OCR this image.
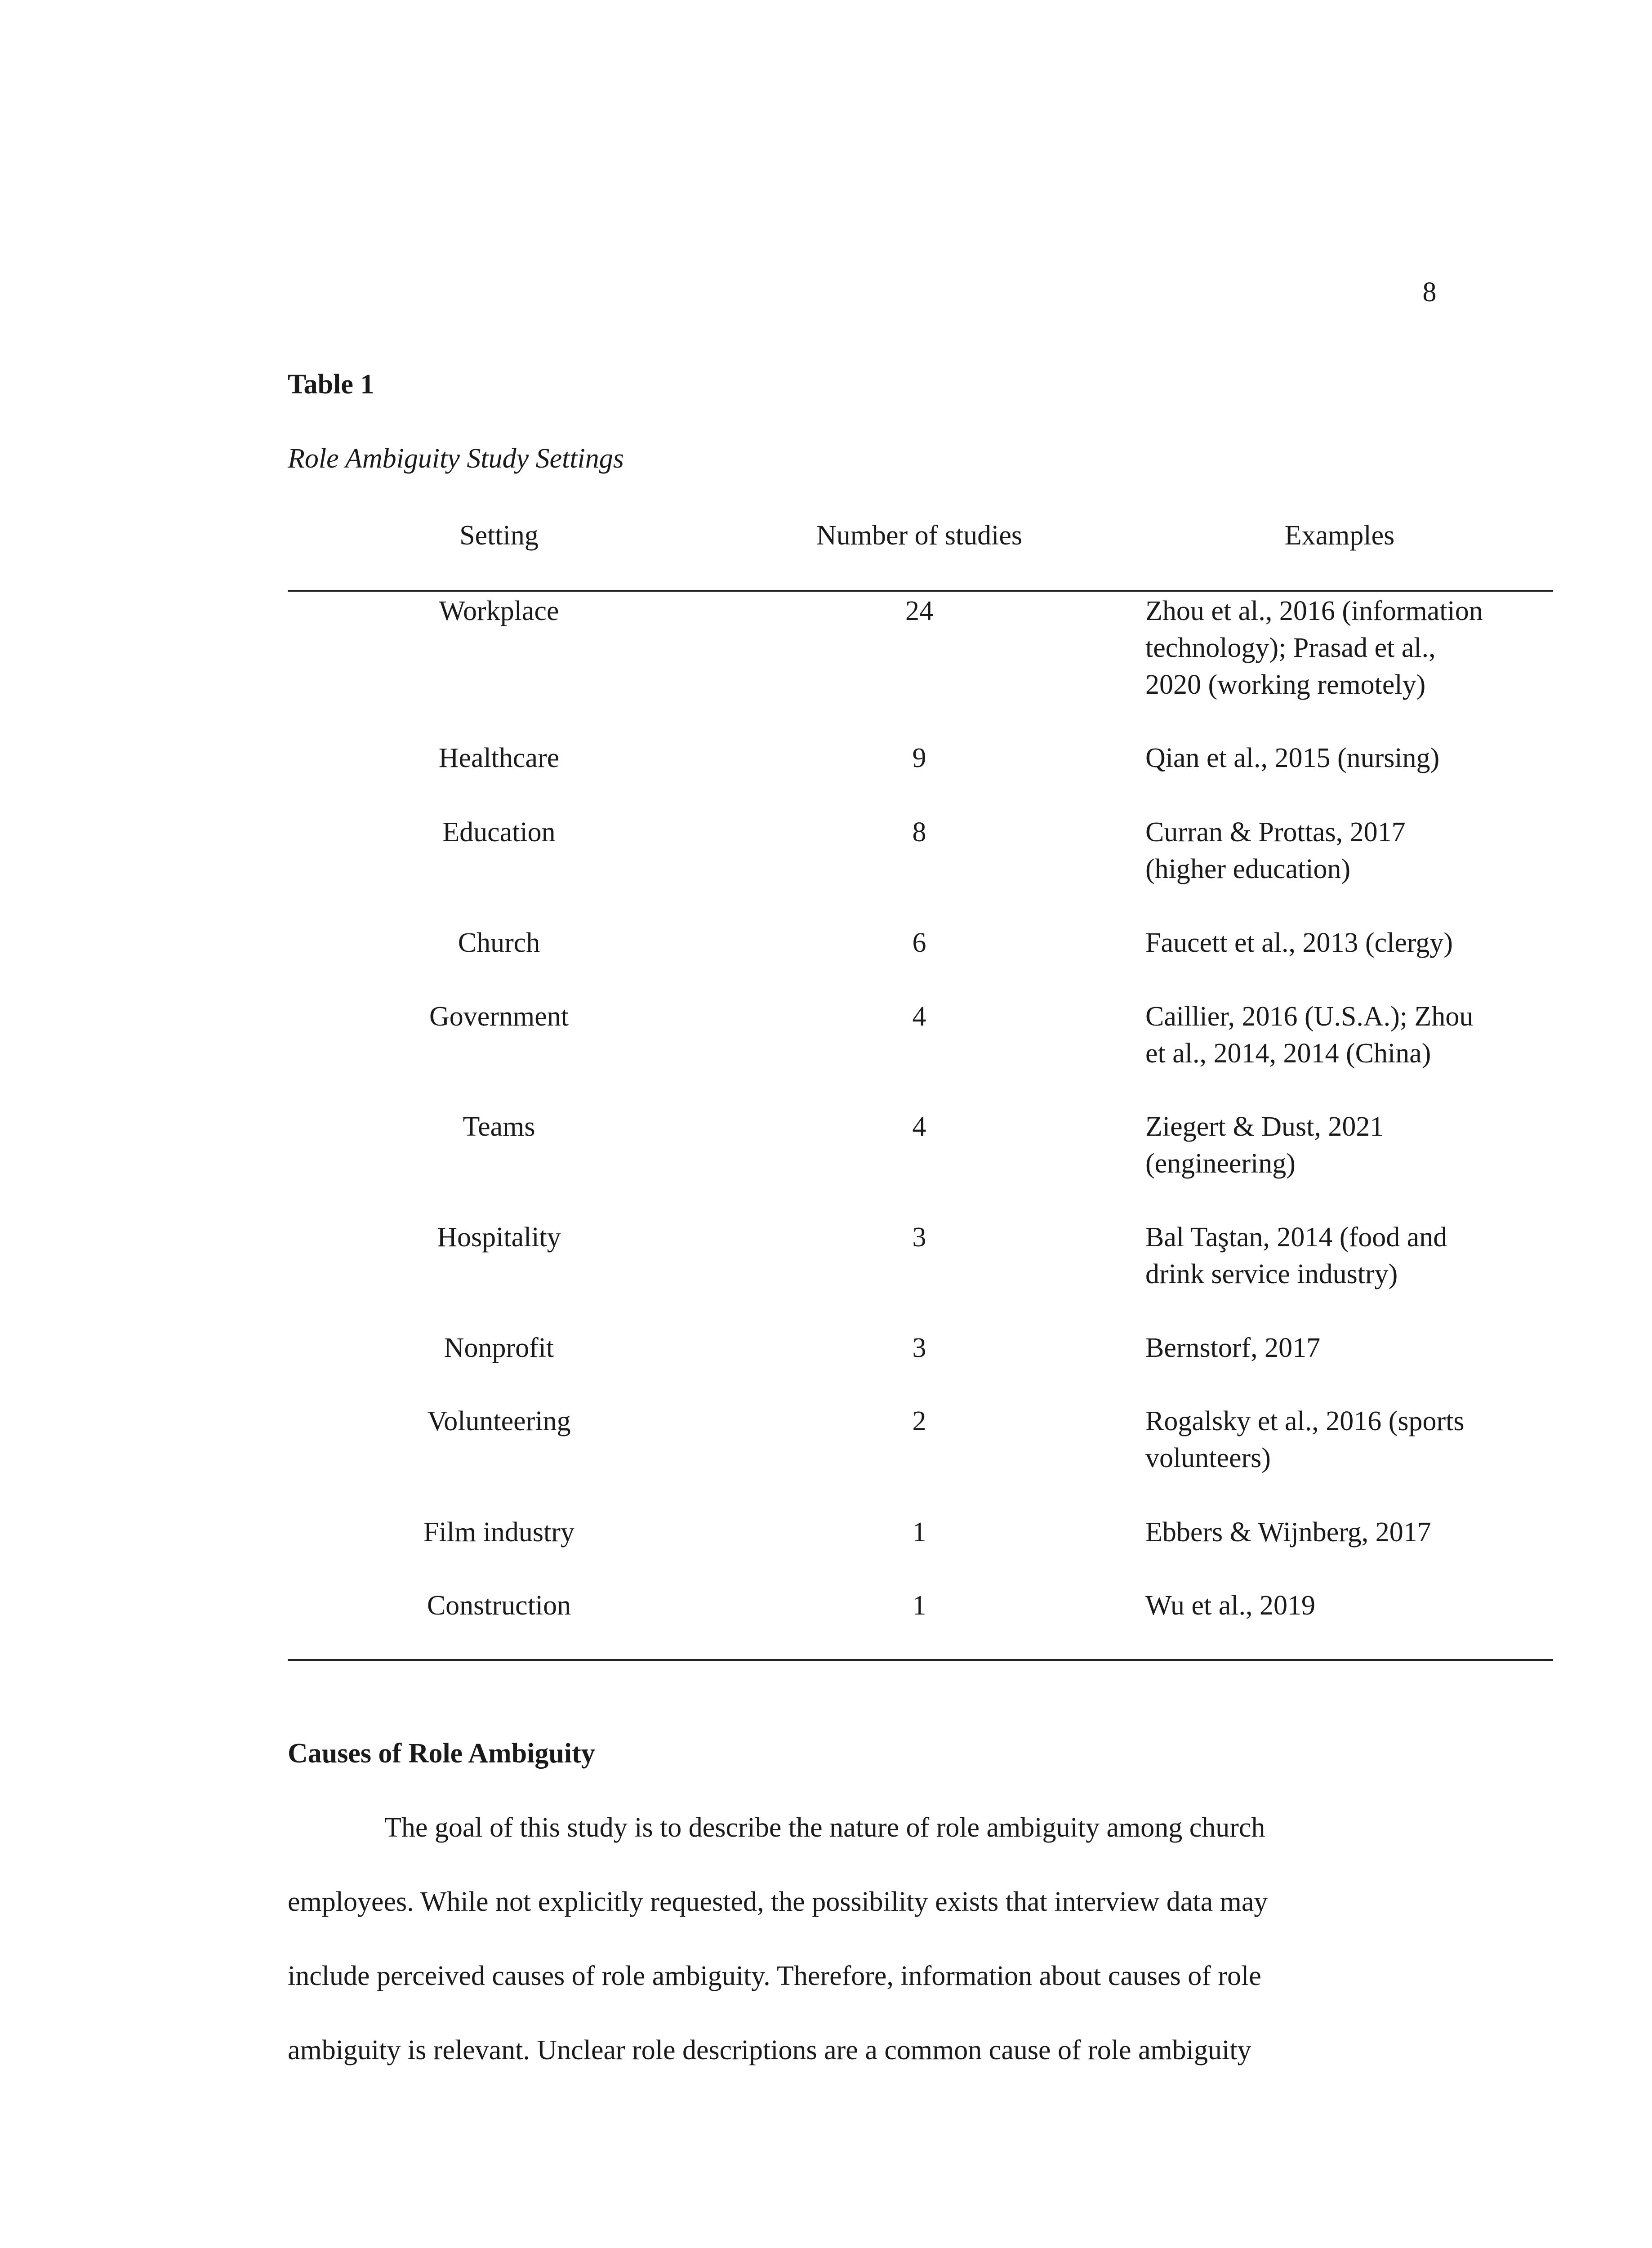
8
Table 1
Role Ambiguity Study Settings
Setting	Number of studies	Examples
Workplace	24	Zhou et al., 2016 (information
technology); Prasad et al.,
2020 (working remotely)
Healthcare	9	Qian et al., 2015 (nursing)
Education	8	Curran & Prottas, 2017
(higher education)
Church	6	Faucett et al., 2013 (clergy)
Government	4	Caillier, 2016 (U.S.A.); Zhou
et al., 2014, 2014 (China)
Teams	4	Ziegert & Dust, 2021
(engineering)
Hospitality	3	Bal Taştan, 2014 (food and
drink service industry)
Nonprofit	3	Bernstorf, 2017
Volunteering	2	Rogalsky et al., 2016 (sports
volunteers)
Film industry	1	Ebbers & Wijnberg, 2017
Construction	1	Wu et al., 2019
Causes of Role Ambiguity
The goal of this study is to describe the nature of role ambiguity among church
employees. While not explicitly requested, the possibility exists that interview data may
include perceived causes of role ambiguity. Therefore, information about causes of role
ambiguity is relevant. Unclear role descriptions are a common cause of role ambiguity
